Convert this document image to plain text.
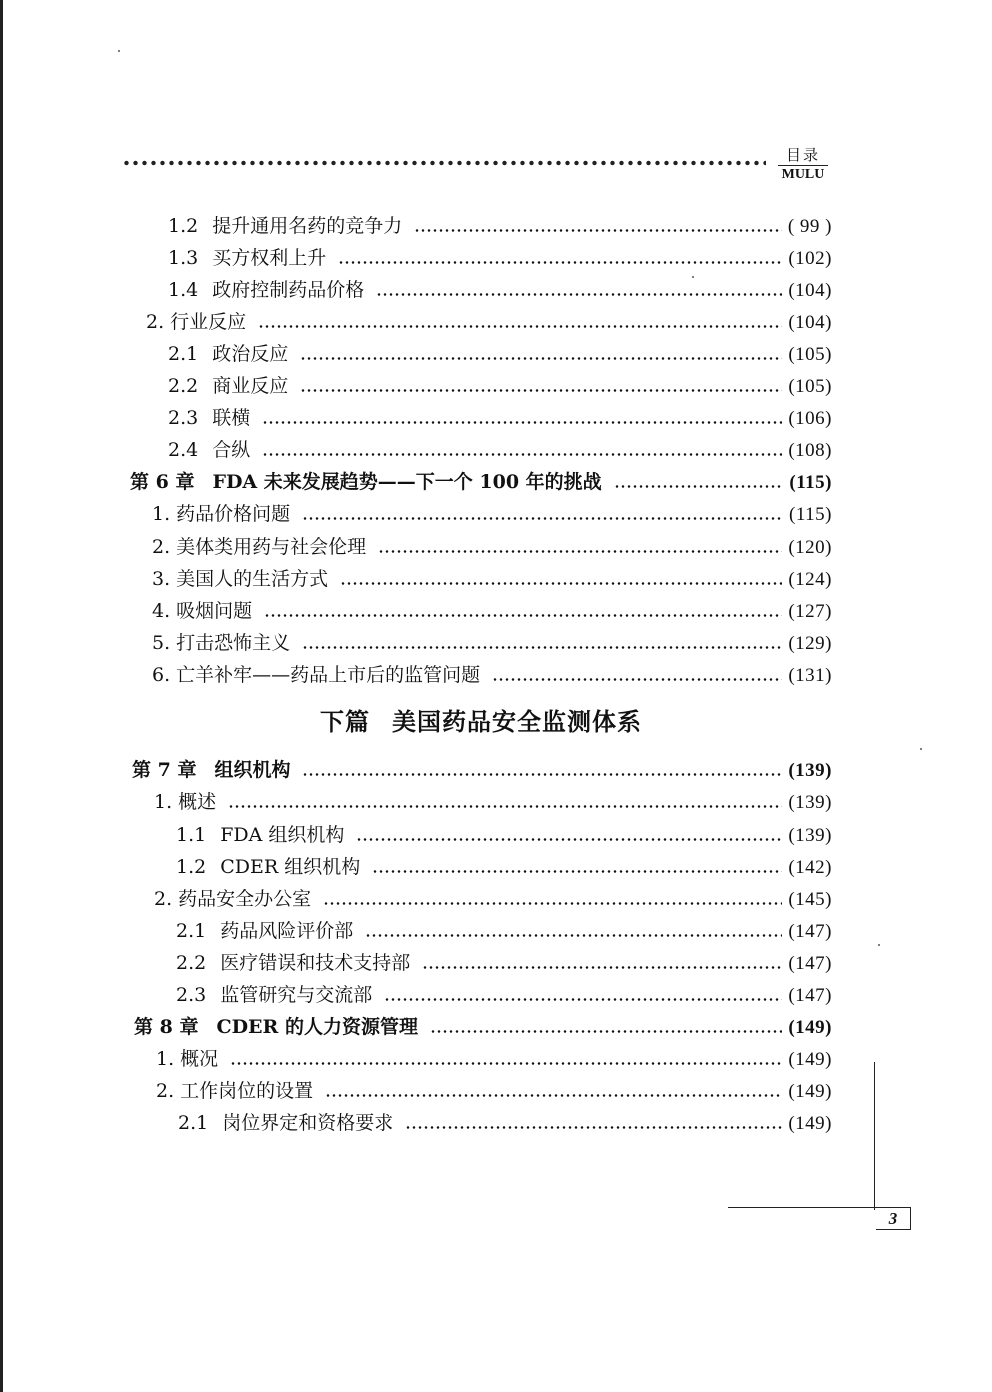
目录
MULU
1.2 提升通用名药的竞争力	( 99 )
1.3 买方权利上升	(102)
1.4 政府控制药品价格	(104)
2. 行业反应	(104)
2.1 政治反应	(105)
2.2 商业反应	(105)
2.3 联横	(106)
2.4 合纵	(108)
第 6 章 FDA 未来发展趋势——下一个 100 年的挑战	(115)
1. 药品价格问题	(115)
2. 美体类用药与社会伦理	(120)
3. 美国人的生活方式	(124)
4. 吸烟问题	(127)
5. 打击恐怖主义	(129)
6. 亡羊补牢——药品上市后的监管问题	(131)
下篇 美国药品安全监测体系
第 7 章 组织机构	(139)
1. 概述	(139)
1.1 FDA 组织机构	(139)
1.2 CDER 组织机构	(142)
2. 药品安全办公室	(145)
2.1 药品风险评价部	(147)
2.2 医疗错误和技术支持部	(147)
2.3 监管研究与交流部	(147)
第 8 章 CDER 的人力资源管理	(149)
1. 概况	(149)
2. 工作岗位的设置	(149)
2.1 岗位界定和资格要求	(149)
3
